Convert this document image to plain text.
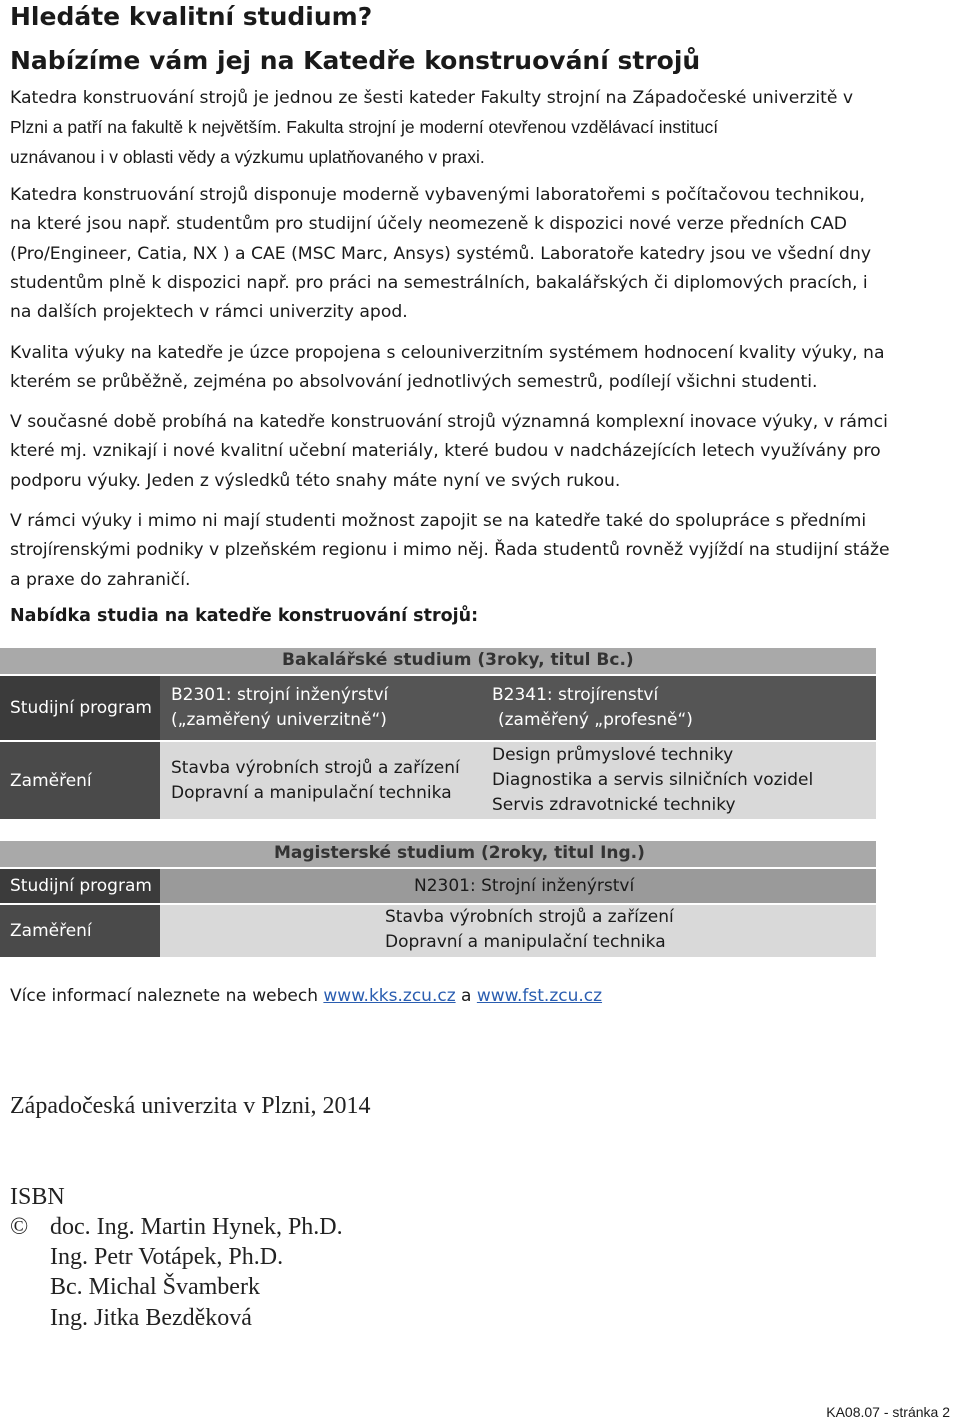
Hledáte kvalitní studium?
Nabízíme vám jej na Katedře konstruování strojů

Katedra konstruování strojů je jednou ze šesti kateder Fakulty strojní na Západočeské univerzitě v
Plzni a patří na fakultě k největším. Fakulta strojní je moderní otevřenou vzdělávací institucí
uznávanou i v oblasti vědy a výzkumu uplatňovaného v praxi.

Katedra konstruování strojů disponuje moderně vybavenými laboratořemi s počítačovou technikou,
na které jsou např. studentům pro studijní účely neomezeně k dispozici nové verze předních CAD
(Pro/Engineer, Catia, NX ) a CAE (MSC Marc, Ansys) systémů. Laboratoře katedry jsou ve všední dny
studentům plně k dispozici např. pro práci na semestrálních, bakalářských či diplomových pracích, i
na dalších projektech v rámci univerzity apod.

Kvalita výuky na katedře je úzce propojena s celouniverzitním systémem hodnocení kvality výuky, na
kterém se průběžně, zejména po absolvování jednotlivých semestrů, podílejí všichni studenti.

V současné době probíhá na katedře konstruování strojů významná komplexní inovace výuky, v rámci
které mj. vznikají i nové kvalitní učební materiály, které budou v nadcházejících letech využívány pro
podporu výuky. Jeden z výsledků této snahy máte nyní ve svých rukou.

V rámci výuky i mimo ni mají studenti možnost zapojit se na katedře také do spolupráce s předními
strojírenskými podniky v plzeňském regionu i mimo něj. Řada studentů rovněž vyjíždí na studijní stáže
a praxe do zahraničí.

Nabídka studia na katedře konstruování strojů:
Bakalářské studium (3roky, titul Bc.)
Studijní program
B2301: strojní inženýrství
(„zaměřený univerzitně“)
B2341: strojírenství
(zaměřený „profesně“)
Zaměření
Stavba výrobních strojů a zařízení
Dopravní a manipulační technika
Design průmyslové techniky
Diagnostika a servis silničních vozidel
Servis zdravotnické techniky
Magisterské studium (2roky, titul Ing.)
Studijní program	N2301: Strojní inženýrství
Zaměření
Stavba výrobních strojů a zařízení
Dopravní a manipulační technika
Více informací naleznete na webech www.kks.zcu.cz a www.fst.zcu.cz
Západočeská univerzita v Plzni, 2014
ISBN
© doc. Ing. Martin Hynek, Ph.D.
Ing. Petr Votápek, Ph.D.
Bc. Michal Švamberk
Ing. Jitka Bezděková
KA08.07 - stránka 2
